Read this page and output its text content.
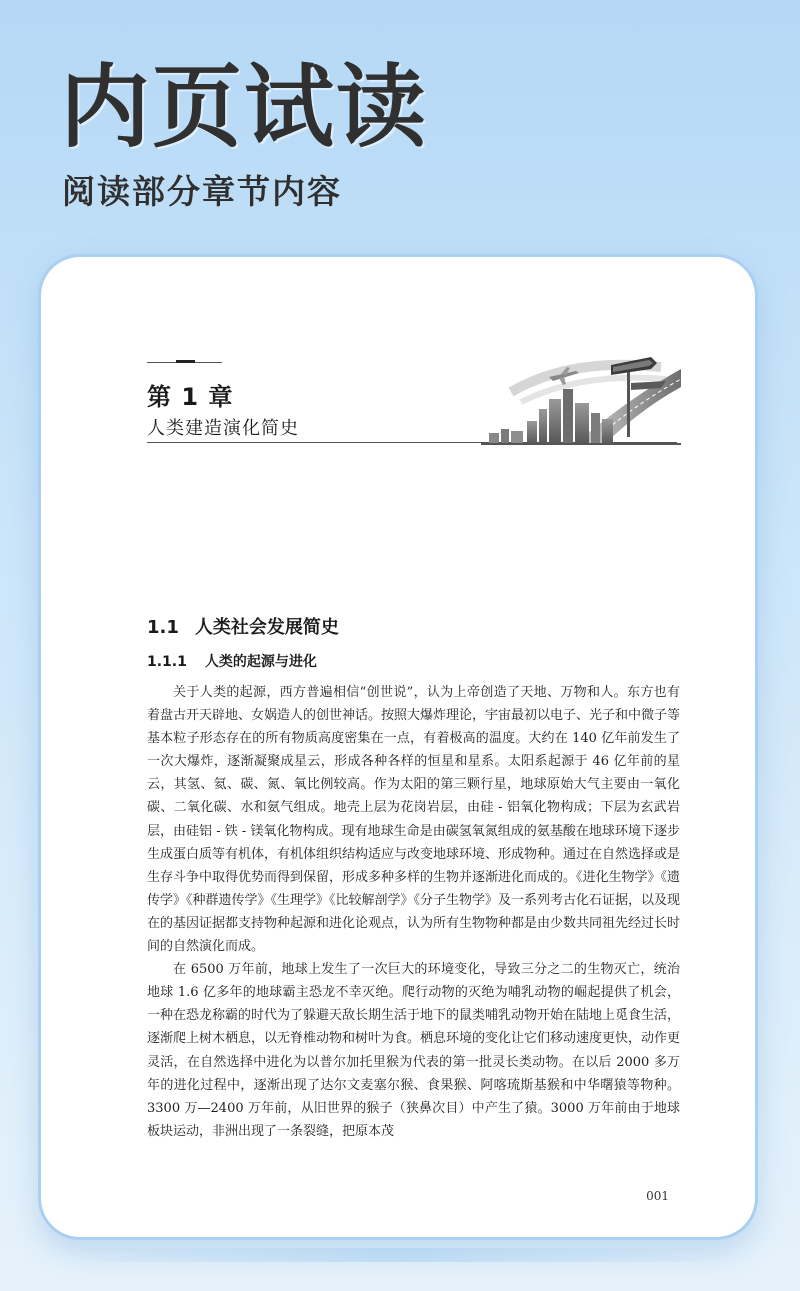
内页试读
阅读部分章节内容
第 1 章
人类建造演化简史
1.1 人类社会发展简史
1.1.1 人类的起源与进化

关于人类的起源，西方普遍相信“创世说”，认为上帝创造了天地、万物和人。东方也有着盘古开天辟地、女娲造人的创世神话。按照大爆炸理论，宇宙最初以电子、光子和中微子等基本粒子形态存在的所有物质高度密集在一点，有着极高的温度。大约在 140 亿年前发生了一次大爆炸，逐渐凝聚成星云，形成各种各样的恒星和星系。太阳系起源于 46 亿年前的星云，其氢、氦、碳、氮、氧比例较高。作为太阳的第三颗行星，地球原始大气主要由一氧化碳、二氧化碳、水和氨气组成。地壳上层为花岗岩层，由硅 - 铝氧化物构成；下层为玄武岩层，由硅铝 - 铁 - 镁氧化物构成。现有地球生命是由碳氢氧氮组成的氨基酸在地球环境下逐步生成蛋白质等有机体，有机体组织结构适应与改变地球环境、形成物种。通过在自然选择或是生存斗争中取得优势而得到保留，形成多种多样的生物并逐渐进化而成的。《进化生物学》《遗传学》《种群遗传学》《生理学》《比较解剖学》《分子生物学》及一系列考古化石证据，以及现在的基因证据都支持物种起源和进化论观点，认为所有生物物种都是由少数共同祖先经过长时间的自然演化而成。

在 6500 万年前，地球上发生了一次巨大的环境变化，导致三分之二的生物灭亡，统治地球 1.6 亿多年的地球霸主恐龙不幸灭绝。爬行动物的灭绝为哺乳动物的崛起提供了机会，一种在恐龙称霸的时代为了躲避天敌长期生活于地下的鼠类哺乳动物开始在陆地上觅食生活，逐渐爬上树木栖息，以无脊椎动物和树叶为食。栖息环境的变化让它们移动速度更快，动作更灵活，在自然选择中进化为以普尔加托里猴为代表的第一批灵长类动物。在以后 2000 多万年的进化过程中，逐渐出现了达尔文麦塞尔猴、食果猴、阿喀琉斯基猴和中华曙猿等物种。3300 万—2400 万年前，从旧世界的猴子（狭鼻次目）中产生了猿。3000 万年前由于地球板块运动，非洲出现了一条裂缝，把原本茂

001
